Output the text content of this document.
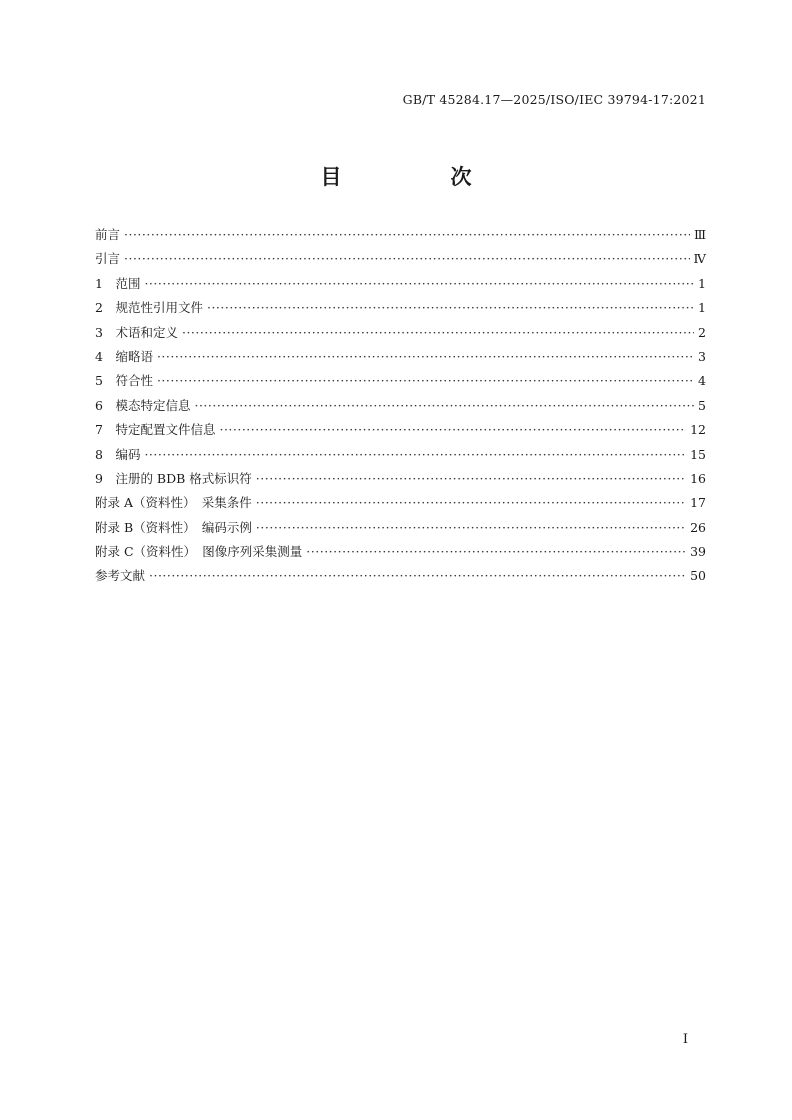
GB/T 45284.17—2025/ISO/IEC 39794-17:2021
目　次
前言 ·····	Ⅲ
引言 ·····	Ⅳ
1　范围 ·····	1
2　规范性引用文件 ·····	1
3　术语和定义 ·····	2
4　缩略语 ·····	3
5　符合性 ·····	4
6　模态特定信息 ·····	5
7　特定配置文件信息 ·····	12
8　编码 ·····	15
9　注册的 BDB 格式标识符 ·····	16
附录 A（资料性）　采集条件 ·····	17
附录 B（资料性）　编码示例 ·····	26
附录 C（资料性）　图像序列采集测量 ·····	39
参考文献 ·····	50
Ⅰ
